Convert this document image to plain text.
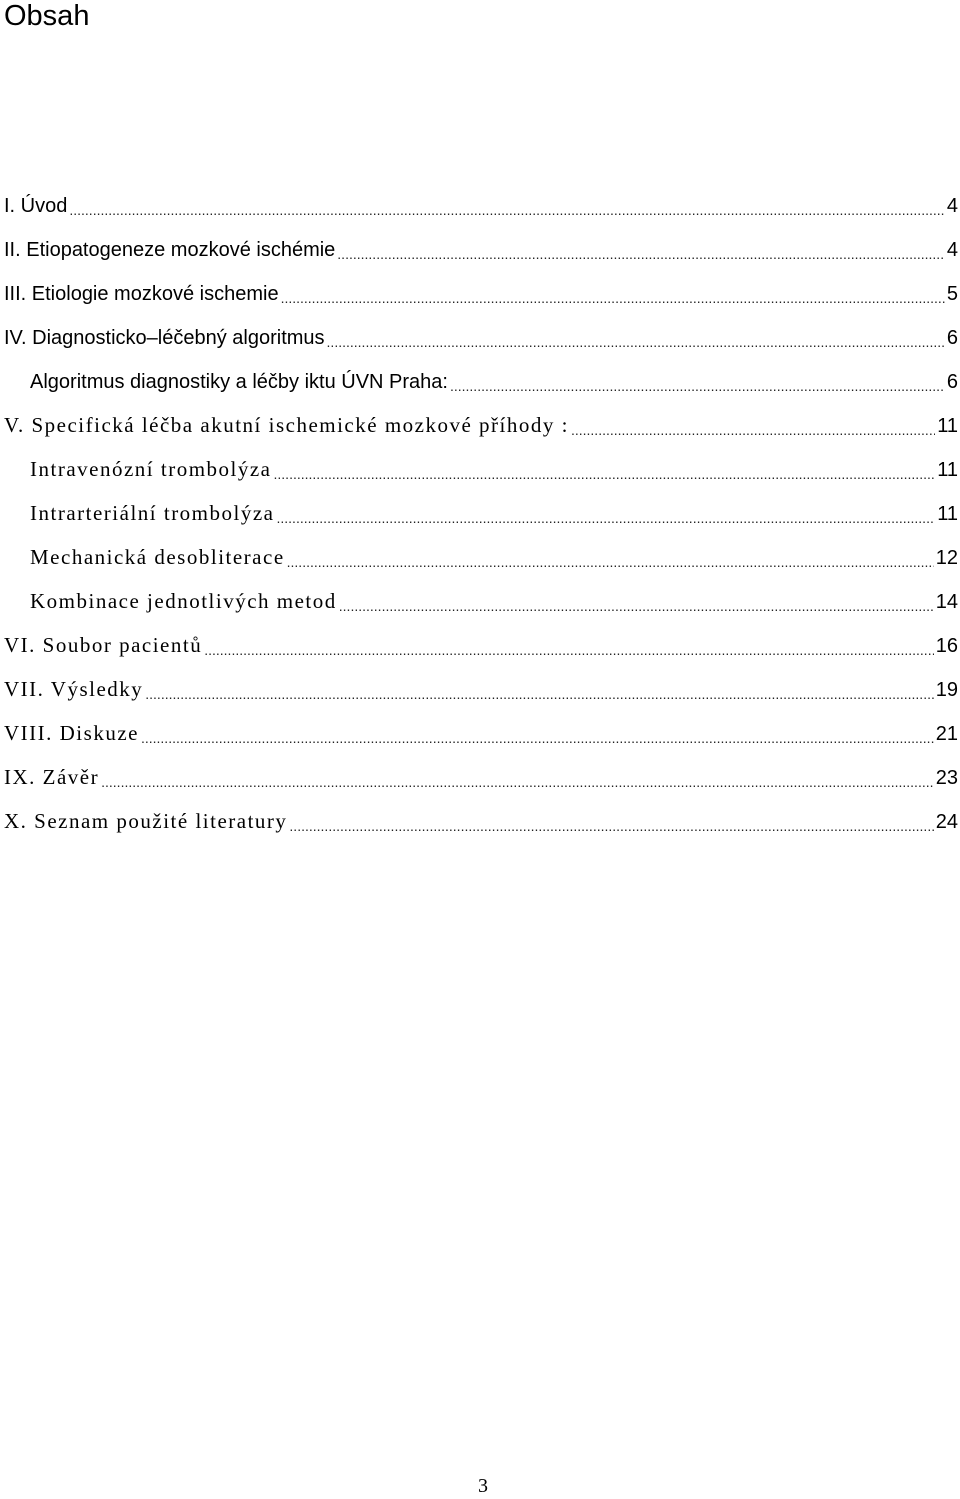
Obsah
I. Úvod .....	4
II. Etiopatogeneze mozkové ischémie .....	4
III. Etiologie mozkové ischemie .....	5
IV. Diagnosticko–léčebný algoritmus .....	6
Algoritmus diagnostiky a léčby iktu ÚVN Praha: .....	6
V. Specifická léčba akutní ischemické mozkové příhody : .....	11
Intravenózní trombolýza .....	11
Intrarteriální trombolýza .....	11
Mechanická desobliterace .....	12
Kombinace jednotlivých metod .....	14
VI. Soubor pacientů .....	16
VII. Výsledky .....	19
VIII. Diskuze .....	21
IX. Závěr .....	23
X. Seznam použité literatury .....	24
3
